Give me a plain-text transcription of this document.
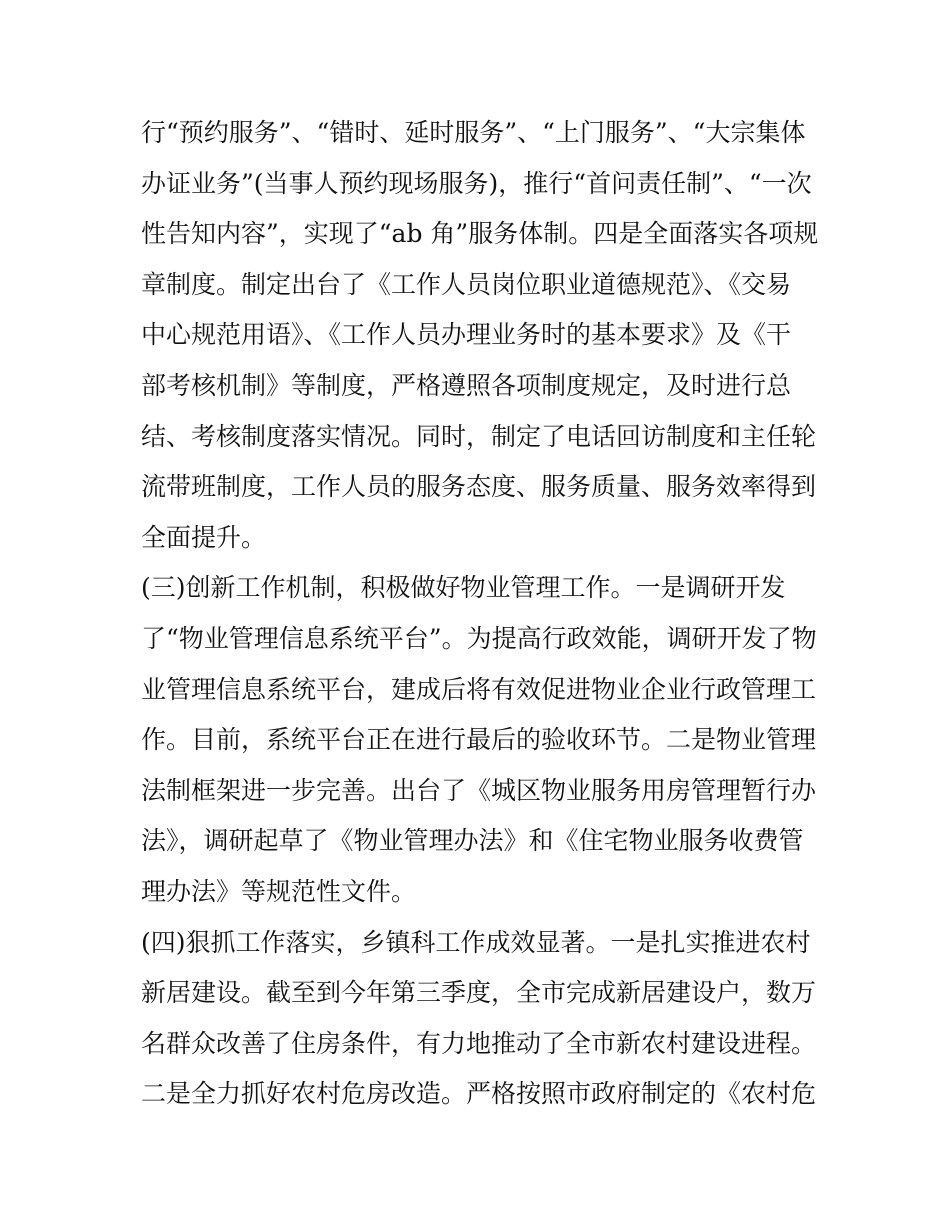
行“预约服务”、“错时、延时服务”、“上门服务”、“大宗集体
办证业务”(当事人预约现场服务)，推行“首问责任制”、“一次
性告知内容”，实现了“ab 角”服务体制。四是全面落实各项规
章制度。制定出台了《工作人员岗位职业道德规范》、《交易
中心规范用语》、《工作人员办理业务时的基本要求》及《干
部考核机制》等制度，严格遵照各项制度规定，及时进行总
结、考核制度落实情况。同时，制定了电话回访制度和主任轮
流带班制度，工作人员的服务态度、服务质量、服务效率得到
全面提升。
(三)创新工作机制，积极做好物业管理工作。一是调研开发
了“物业管理信息系统平台”。为提高行政效能，调研开发了物
业管理信息系统平台，建成后将有效促进物业企业行政管理工
作。目前，系统平台正在进行最后的验收环节。二是物业管理
法制框架进一步完善。出台了《城区物业服务用房管理暂行办
法》，调研起草了《物业管理办法》和《住宅物业服务收费管
理办法》等规范性文件。
(四)狠抓工作落实，乡镇科工作成效显著。一是扎实推进农村
新居建设。截至到今年第三季度，全市完成新居建设户，数万
名群众改善了住房条件，有力地推动了全市新农村建设进程。
二是全力抓好农村危房改造。严格按照市政府制定的《农村危
